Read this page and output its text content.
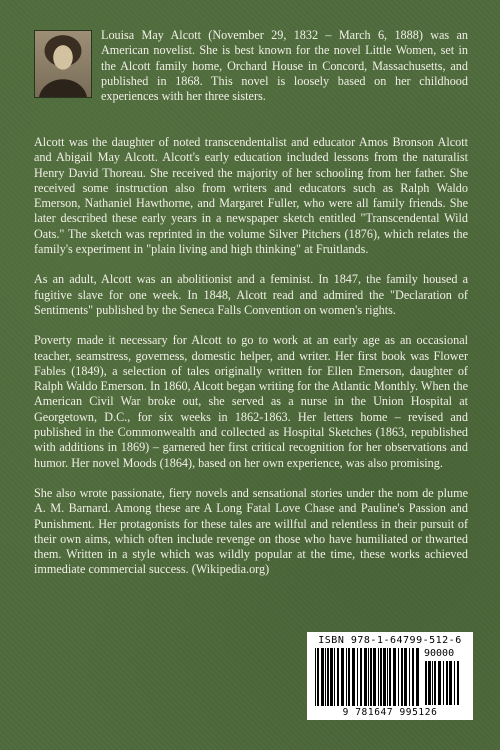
Louisa May Alcott (November 29, 1832 – March 6, 1888) was an American novelist. She is best known for the novel Little Women, set in the Alcott family home, Orchard House in Concord, Massachusetts, and published in 1868. This novel is loosely based on her childhood experiences with her three sisters.

Alcott was the daughter of noted transcendentalist and educator Amos Bronson Alcott and Abigail May Alcott. Alcott's early education included lessons from the naturalist Henry David Thoreau. She received the majority of her schooling from her father. She received some instruction also from writers and educators such as Ralph Waldo Emerson, Nathaniel Hawthorne, and Margaret Fuller, who were all family friends. She later described these early years in a newspaper sketch entitled "Transcendental Wild Oats." The sketch was reprinted in the volume Silver Pitchers (1876), which relates the family's experiment in "plain living and high thinking" at Fruitlands.

As an adult, Alcott was an abolitionist and a feminist. In 1847, the family housed a fugitive slave for one week. In 1848, Alcott read and admired the "Declaration of Sentiments" published by the Seneca Falls Convention on women's rights.

Poverty made it necessary for Alcott to go to work at an early age as an occasional teacher, seamstress, governess, domestic helper, and writer. Her first book was Flower Fables (1849), a selection of tales originally written for Ellen Emerson, daughter of Ralph Waldo Emerson. In 1860, Alcott began writing for the Atlantic Monthly. When the American Civil War broke out, she served as a nurse in the Union Hospital at Georgetown, D.C., for six weeks in 1862-1863. Her letters home – revised and published in the Commonwealth and collected as Hospital Sketches (1863, republished with additions in 1869) – garnered her first critical recognition for her observations and humor. Her novel Moods (1864), based on her own experience, was also promising.

She also wrote passionate, fiery novels and sensational stories under the nom de plume A. M. Barnard. Among these are A Long Fatal Love Chase and Pauline's Passion and Punishment. Her protagonists for these tales are willful and relentless in their pursuit of their own aims, which often include revenge on those who have humiliated or thwarted them. Written in a style which was wildly popular at the time, these works achieved immediate commercial success. (Wikipedia.org)

ISBN 978-1-64799-512-6
90000
9 781647 995126
